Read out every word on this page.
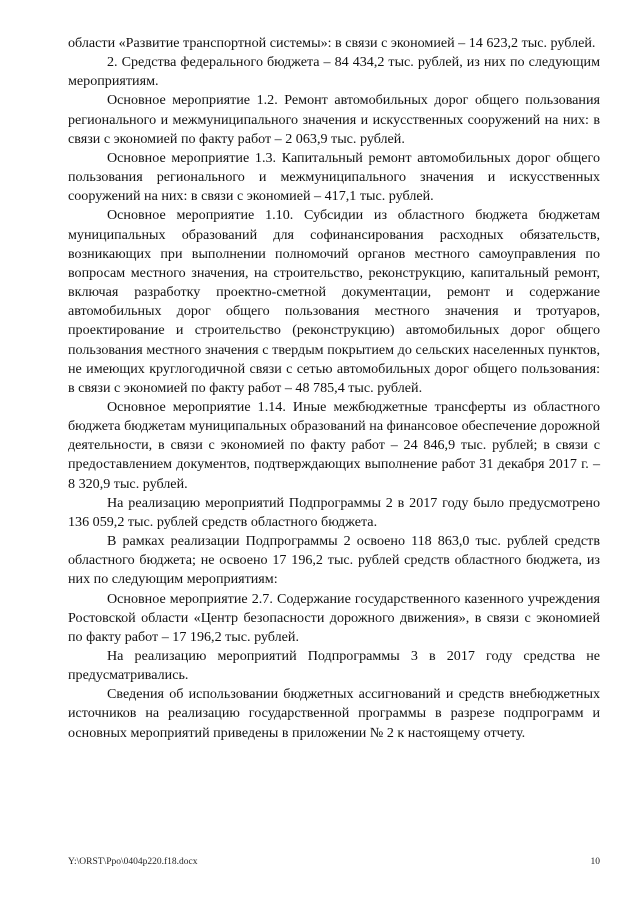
области «Развитие транспортной системы»: в связи с экономией – 14 623,2 тыс. рублей.

2. Средства федерального бюджета – 84 434,2 тыс. рублей, из них по следующим мероприятиям.

Основное мероприятие 1.2. Ремонт автомобильных дорог общего пользования регионального и межмуниципального значения и искусственных сооружений на них: в связи с экономией по факту работ – 2 063,9 тыс. рублей.

Основное мероприятие 1.3. Капитальный ремонт автомобильных дорог общего пользования регионального и межмуниципального значения и искусственных сооружений на них: в связи с экономией – 417,1 тыс. рублей.

Основное мероприятие 1.10. Субсидии из областного бюджета бюджетам муниципальных образований для софинансирования расходных обязательств, возникающих при выполнении полномочий органов местного самоуправления по вопросам местного значения, на строительство, реконструкцию, капитальный ремонт, включая разработку проектно-сметной документации, ремонт и содержание автомобильных дорог общего пользования местного значения и тротуаров, проектирование и строительство (реконструкцию) автомобильных дорог общего пользования местного значения с твердым покрытием до сельских населенных пунктов, не имеющих круглогодичной связи с сетью автомобильных дорог общего пользования: в связи с экономией по факту работ – 48 785,4 тыс. рублей.

Основное мероприятие 1.14. Иные межбюджетные трансферты из областного бюджета бюджетам муниципальных образований на финансовое обеспечение дорожной деятельности, в связи с экономией по факту работ – 24 846,9 тыс. рублей; в связи с предоставлением документов, подтверждающих выполнение работ 31 декабря 2017 г. – 8 320,9 тыс. рублей.

На реализацию мероприятий Подпрограммы 2 в 2017 году было предусмотрено 136 059,2 тыс. рублей средств областного бюджета.

В рамках реализации Подпрограммы 2 освоено 118 863,0 тыс. рублей средств областного бюджета; не освоено 17 196,2 тыс. рублей средств областного бюджета, из них по следующим мероприятиям:

Основное мероприятие 2.7. Содержание государственного казенного учреждения Ростовской области «Центр безопасности дорожного движения», в связи с экономией по факту работ – 17 196,2 тыс. рублей.

На реализацию мероприятий Подпрограммы 3 в 2017 году средства не предусматривались.

Сведения об использовании бюджетных ассигнований и средств внебюджетных источников на реализацию государственной программы в разрезе подпрограмм и основных мероприятий приведены в приложении № 2 к настоящему отчету.

Y:\ORST\Ppo\0404p220.f18.docx	10
